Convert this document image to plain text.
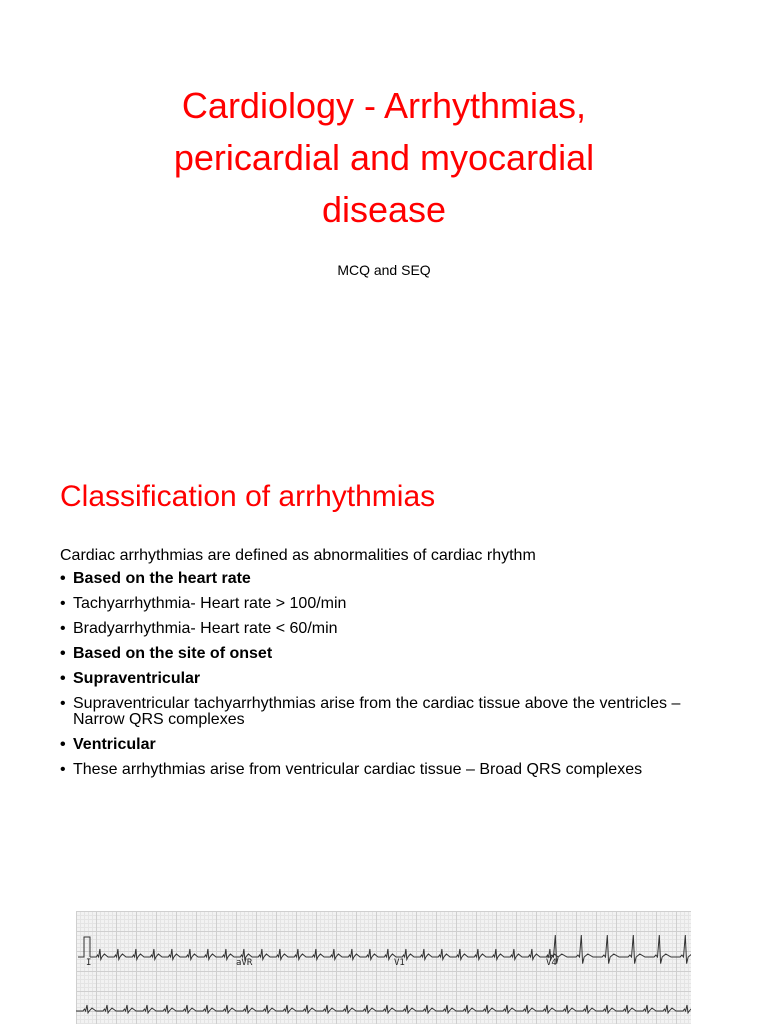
Cardiology - Arrhythmias,
pericardial and myocardial
disease
MCQ and SEQ
Classification of arrhythmias
Cardiac arrhythmias are defined as abnormalities of cardiac rhythm
• Based on the heart rate
• Tachyarrhythmia- Heart rate > 100/min
• Bradyarrhythmia- Heart rate < 60/min
• Based on the site of onset
• Supraventricular
• Supraventricular tachyarrhythmias arise from the cardiac tissue above the ventricles – Narrow QRS complexes
• Ventricular
• These arrhythmias arise from ventricular cardiac tissue – Broad QRS complexes
I	aVR	V1	V4
